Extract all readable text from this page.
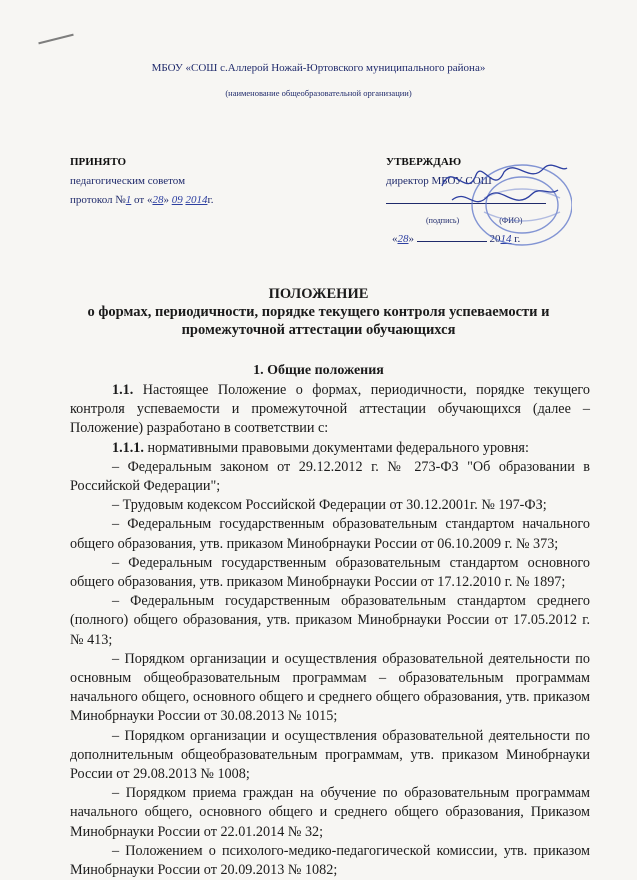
МБОУ «СОШ с.Аллерой Ножай-Юртовского муниципального района»
(наименование общеобразовательной организации)
ПРИНЯТО
педагогическим советом
протокол №1 от «28» 09 2014г.
УТВЕРЖДАЮ
директор МБОУ СОШ
(подпись)	(ФИО)
«28»	2014 г.
ПОЛОЖЕНИЕ
о формах, периодичности, порядке текущего контроля успеваемости и
промежуточной аттестации обучающихся
1. Общие положения

1.1. Настоящее Положение о формах, периодичности, порядке текущего контроля успеваемости и промежуточной аттестации обучающихся (далее – Положение) разработано в соответствии с:

1.1.1. нормативными правовыми документами федерального уровня:

– Федеральным законом от 29.12.2012 г. № 273-ФЗ "Об образовании в Российской Федерации";

– Трудовым кодексом Российской Федерации от 30.12.2001г. № 197-ФЗ;

– Федеральным государственным образовательным стандартом начального общего образования, утв. приказом Минобрнауки России от 06.10.2009 г. № 373;

– Федеральным государственным образовательным стандартом основного общего образования, утв. приказом Минобрнауки России от 17.12.2010 г. № 1897;

– Федеральным государственным образовательным стандартом среднего (полного) общего образования, утв. приказом Минобрнауки России от 17.05.2012 г. № 413;

– Порядком организации и осуществления образовательной деятельности по основным общеобразовательным программам – образовательным программам начального общего, основного общего и среднего общего образования, утв. приказом Минобрнауки России от 30.08.2013 № 1015;

– Порядком организации и осуществления образовательной деятельности по дополнительным общеобразовательным программам, утв. приказом Минобрнауки России от 29.08.2013 № 1008;

– Порядком приема граждан на обучение по образовательным программам начального общего, основного общего и среднего общего образования, Приказом Минобрнауки России от 22.01.2014 № 32;

– Положением о психолого-медико-педагогической комиссии, утв. приказом Минобрнауки России от 20.09.2013 № 1082;
